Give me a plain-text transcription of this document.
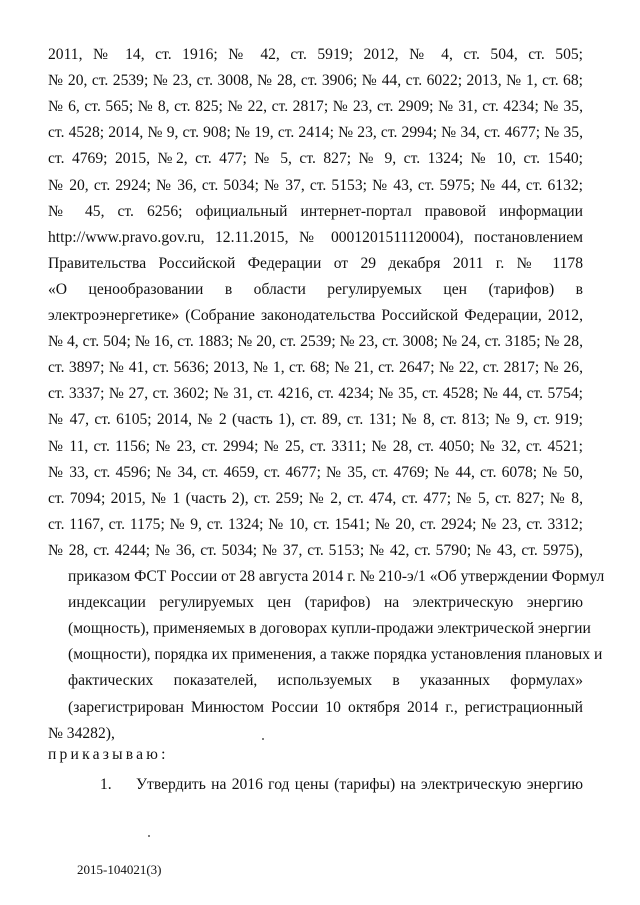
2011, № 14, ст. 1916; № 42, ст. 5919; 2012, № 4, ст. 504, ст. 505;
№ 20, ст. 2539; № 23, ст. 3008, № 28, ст. 3906; № 44, ст. 6022; 2013, № 1, ст. 68;
№ 6, ст. 565; № 8, ст. 825; № 22, ст. 2817; № 23, ст. 2909; № 31, ст. 4234; № 35,
ст. 4528; 2014, № 9, ст. 908; № 19, ст. 2414; № 23, ст. 2994; № 34, ст. 4677; № 35,
ст. 4769; 2015, №2, ст. 477; № 5, ст. 827; № 9, ст. 1324; № 10, ст. 1540;
№ 20, ст. 2924; № 36, ст. 5034; № 37, ст. 5153; № 43, ст. 5975; № 44, ст. 6132;
№ 45, ст. 6256; официальный интернет-портал правовой информации
http://www.pravo.gov.ru, 12.11.2015, № 0001201511120004), постановлением
Правительства Российской Федерации от 29 декабря 2011 г. № 1178
«О ценообразовании в области регулируемых цен (тарифов) в
электроэнергетике» (Собрание законодательства Российской Федерации, 2012,
№ 4, ст. 504; № 16, ст. 1883; № 20, ст. 2539; № 23, ст. 3008; № 24, ст. 3185; № 28,
ст. 3897; № 41, ст. 5636; 2013, № 1, ст. 68; № 21, ст. 2647; № 22, ст. 2817; № 26,
ст. 3337; № 27, ст. 3602; № 31, ст. 4216, ст. 4234; № 35, ст. 4528; № 44, ст. 5754;
№ 47, ст. 6105; 2014, № 2 (часть 1), ст. 89, ст. 131; № 8, ст. 813; № 9, ст. 919;
№ 11, ст. 1156; № 23, ст. 2994; № 25, ст. 3311; № 28, ст. 4050; № 32, ст. 4521;
№ 33, ст. 4596; № 34, ст. 4659, ст. 4677; № 35, ст. 4769; № 44, ст. 6078; № 50,
ст. 7094; 2015, № 1 (часть 2), ст. 259; № 2, ст. 474, ст. 477; № 5, ст. 827; № 8,
ст. 1167, ст. 1175; № 9, ст. 1324; № 10, ст. 1541; № 20, ст. 2924; № 23, ст. 3312;
№ 28, ст. 4244; № 36, ст. 5034; № 37, ст. 5153; № 42, ст. 5790; № 43, ст. 5975),
приказом ФСТ России от 28 августа 2014 г. № 210-э/1 «Об утверждении Формул
индексации регулируемых цен (тарифов) на электрическую энергию
(мощность), применяемых в договорах купли-продажи электрической энергии
(мощности), порядка их применения, а также порядка установления плановых и
фактических показателей, используемых в указанных формулах»
(зарегистрирован Минюстом России 10 октября 2014 г., регистрационный
№ 34282),
приказываю:
1. Утвердить на 2016 год цены (тарифы) на электрическую энергию
2015-104021(3)
